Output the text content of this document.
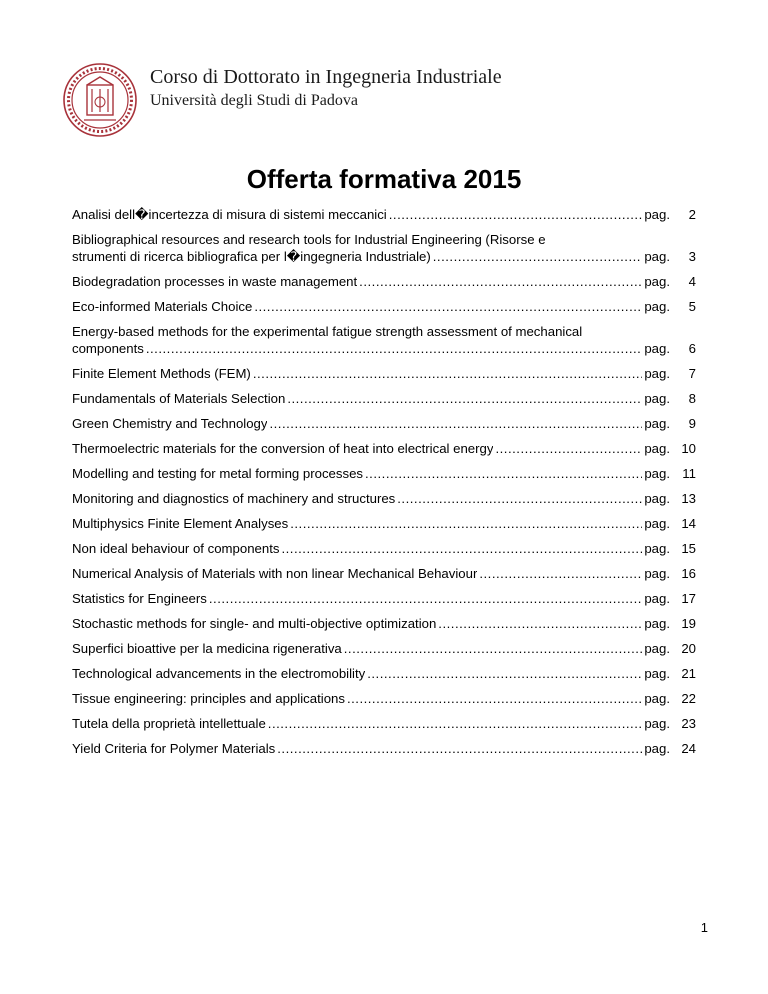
Corso di Dottorato in Ingegneria Industriale
Università degli Studi di Padova
Offerta formativa 2015
Analisi dell�incertezza di misura di sistemi meccanici .....	pag.	2
Bibliographical resources and research tools for Industrial Engineering (Risorse e
strumenti di ricerca bibliografica per l�ingegneria Industriale) .....	pag.	3
Biodegradation processes in waste management .....	pag.	4
Eco-informed Materials Choice .....	pag.	5
Energy-based methods for the experimental fatigue strength assessment of mechanical
components .....	pag.	6
Finite Element Methods (FEM) .....	pag.	7
Fundamentals of Materials Selection .....	pag.	8
Green Chemistry and Technology .....	pag.	9
Thermoelectric materials for the conversion of heat into electrical energy .....	pag. 10
Modelling and testing for metal forming processes .....	pag. 11
Monitoring and diagnostics of machinery and structures .....	pag. 13
Multiphysics Finite Element Analyses .....	pag. 14
Non ideal behaviour of components .....	pag. 15
Numerical Analysis of Materials with non linear Mechanical Behaviour .....	pag. 16
Statistics for Engineers .....	pag. 17
Stochastic methods for single- and multi-objective optimization .....	pag. 19
Superfici bioattive per la medicina rigenerativa .....	pag. 20
Technological advancements in the electromobility .....	pag. 21
Tissue engineering: principles and applications .....	pag. 22
Tutela della proprietà intellettuale .....	pag. 23
Yield Criteria for Polymer Materials .....	pag. 24
1
